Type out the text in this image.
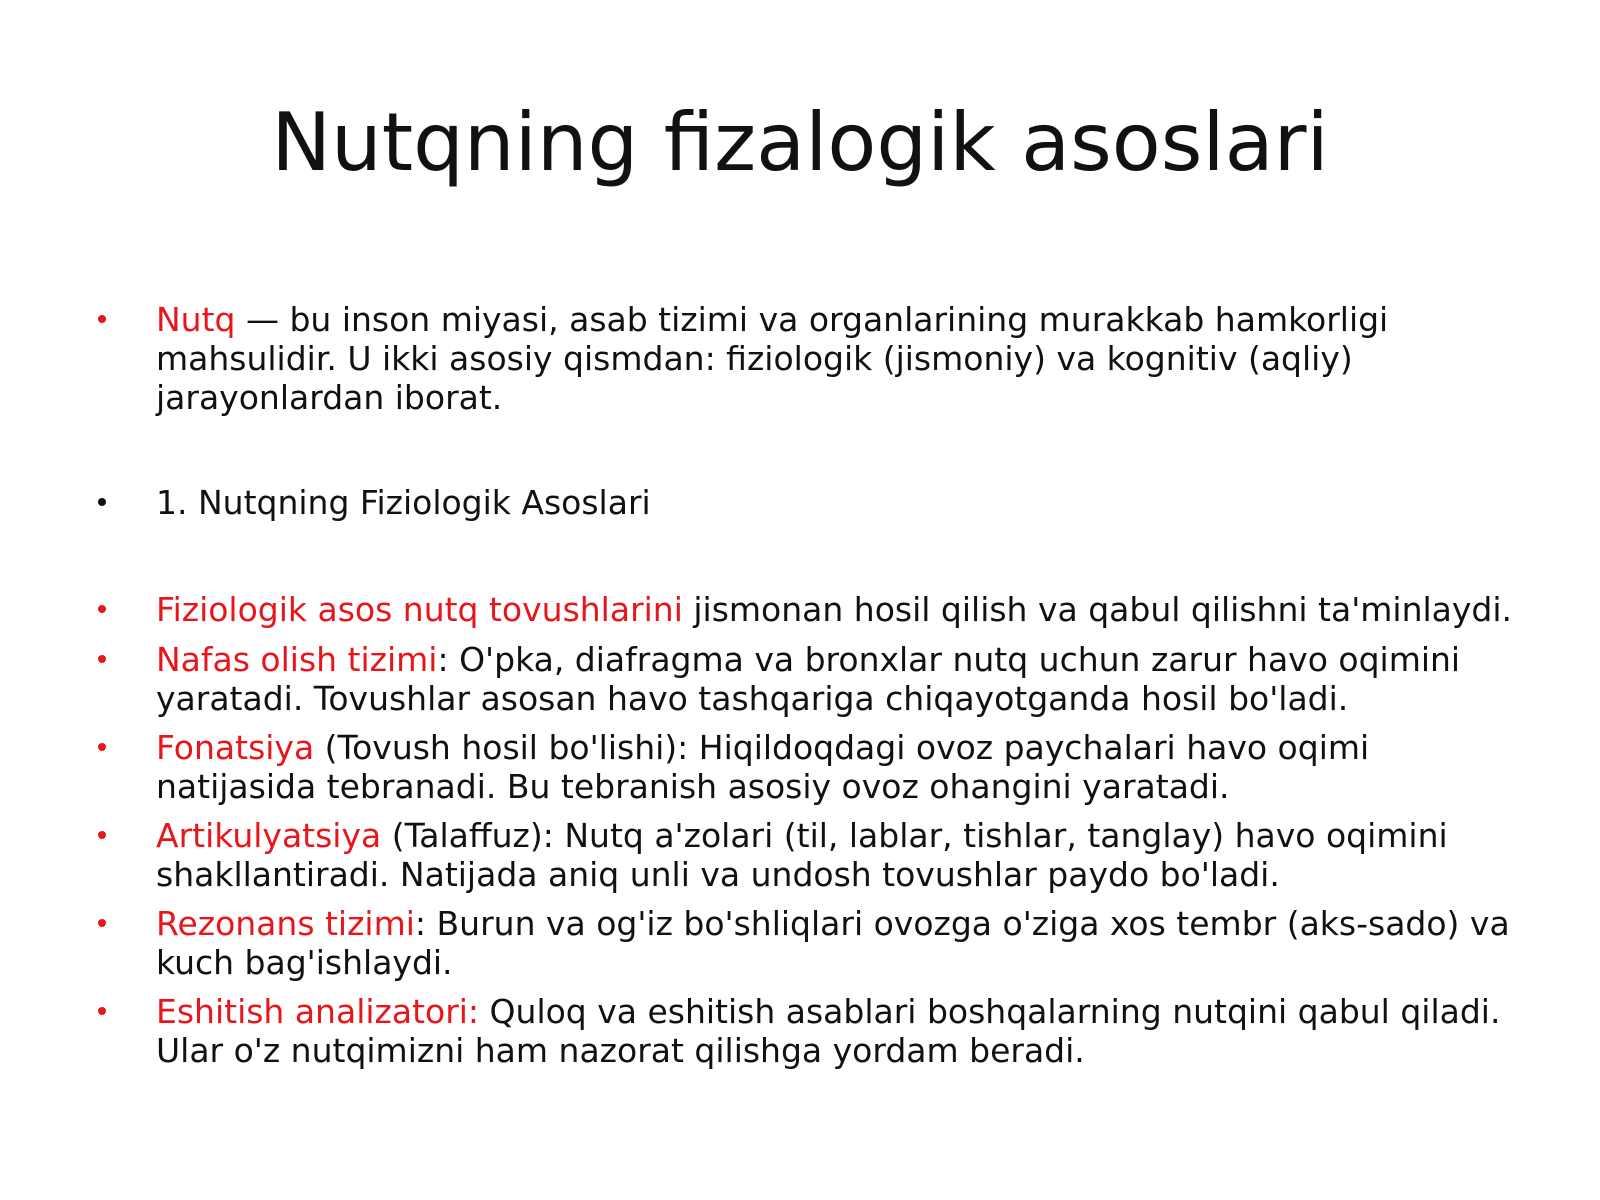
Nutqning fizalogik asoslari
Nutq — bu inson miyasi, asab tizimi va organlarining murakkab hamkorligi mahsulidir. U ikki asosiy qismdan: fiziologik (jismoniy) va kognitiv (aqliy) jarayonlardan iborat.
1. Nutqning Fiziologik Asoslari
Fiziologik asos nutq tovushlarini jismonan hosil qilish va qabul qilishni ta'minlaydi.
Nafas olish tizimi: O'pka, diafragma va bronxlar nutq uchun zarur havo oqimini yaratadi. Tovushlar asosan havo tashqariga chiqayotganda hosil bo'ladi.
Fonatsiya (Tovush hosil bo'lishi): Hiqildoqdagi ovoz paychalari havo oqimi natijasida tebranadi. Bu tebranish asosiy ovoz ohangini yaratadi.
Artikulyatsiya (Talaffuz): Nutq a'zolari (til, lablar, tishlar, tanglay) havo oqimini shakllantiradi. Natijada aniq unli va undosh tovushlar paydo bo'ladi.
Rezonans tizimi: Burun va og'iz bo'shliqlari ovozga o'ziga xos tembr (aks-sado) va kuch bag'ishlaydi.
Eshitish analizatori: Quloq va eshitish asablari boshqalarning nutqini qabul qiladi. Ular o'z nutqimizni ham nazorat qilishga yordam beradi.
